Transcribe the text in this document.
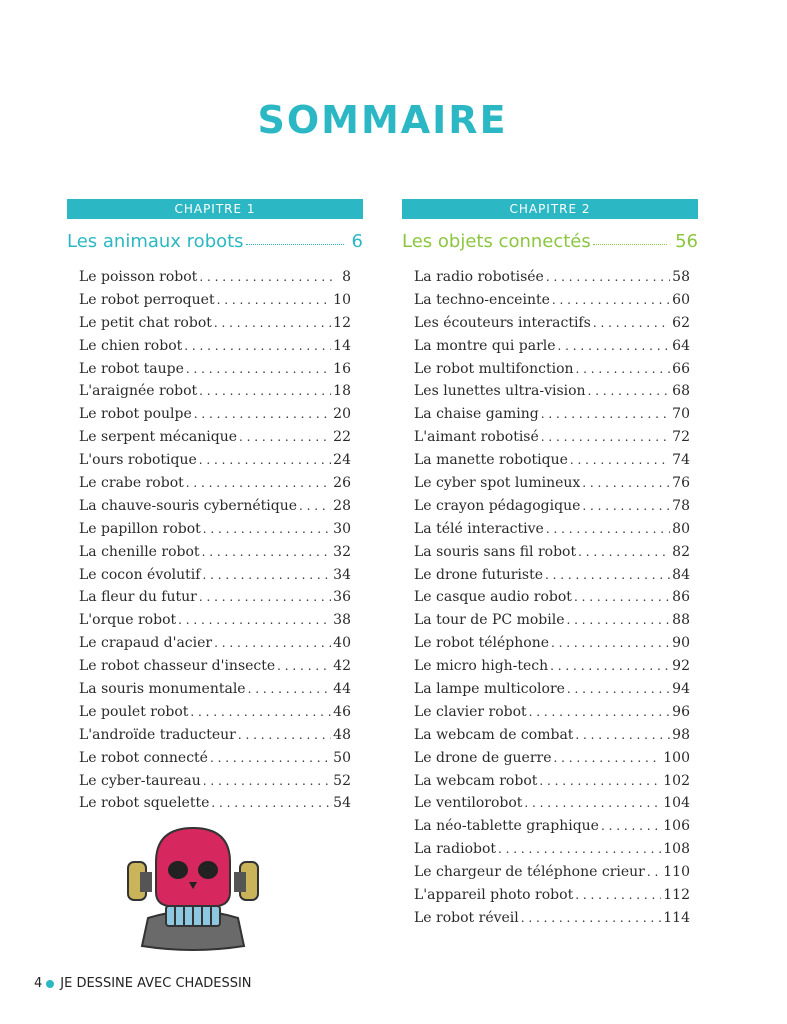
SOMMAIRE
CHAPITRE 1
Les animaux robots	6
Le poisson robot . . .	8
Le robot perroquet . . .	10
Le petit chat robot . . .	12
Le chien robot . . .	14
Le robot taupe . . .	16
L'araignée robot . . .	18
Le robot poulpe . . .	20
Le serpent mécanique . . .	22
L'ours robotique . . .	24
Le crabe robot . . .	26
La chauve-souris cybernétique . . .	28
Le papillon robot . . .	30
La chenille robot . . .	32
Le cocon évolutif . . .	34
La fleur du futur . . .	36
L'orque robot . . .	38
Le crapaud d'acier . . .	40
Le robot chasseur d'insecte . . .	42
La souris monumentale . . .	44
Le poulet robot . . .	46
L'androïde traducteur . . .	48
Le robot connecté . . .	50
Le cyber-taureau . . .	52
Le robot squelette . . .	54
CHAPITRE 2
Les objets connectés	56
La radio robotisée . . .	58
La techno-enceinte . . .	60
Les écouteurs interactifs . . .	62
La montre qui parle . . .	64
Le robot multifonction . . .	66
Les lunettes ultra-vision . . .	68
La chaise gaming . . .	70
L'aimant robotisé . . .	72
La manette robotique . . .	74
Le cyber spot lumineux . . .	76
Le crayon pédagogique . . .	78
La télé interactive . . .	80
La souris sans fil robot . . .	82
Le drone futuriste . . .	84
Le casque audio robot . . .	86
La tour de PC mobile . . .	88
Le robot téléphone . . .	90
Le micro high-tech . . .	92
La lampe multicolore . . .	94
Le clavier robot . . .	96
La webcam de combat . . .	98
Le drone de guerre . . .	100
La webcam robot . . .	102
Le ventilorobot . . .	104
La néo-tablette graphique . . .	106
La radiobot . . .	108
Le chargeur de téléphone crieur . . . 110
L'appareil photo robot . . .	112
Le robot réveil . . .	114
4 JE DESSINE AVEC CHADESSIN
